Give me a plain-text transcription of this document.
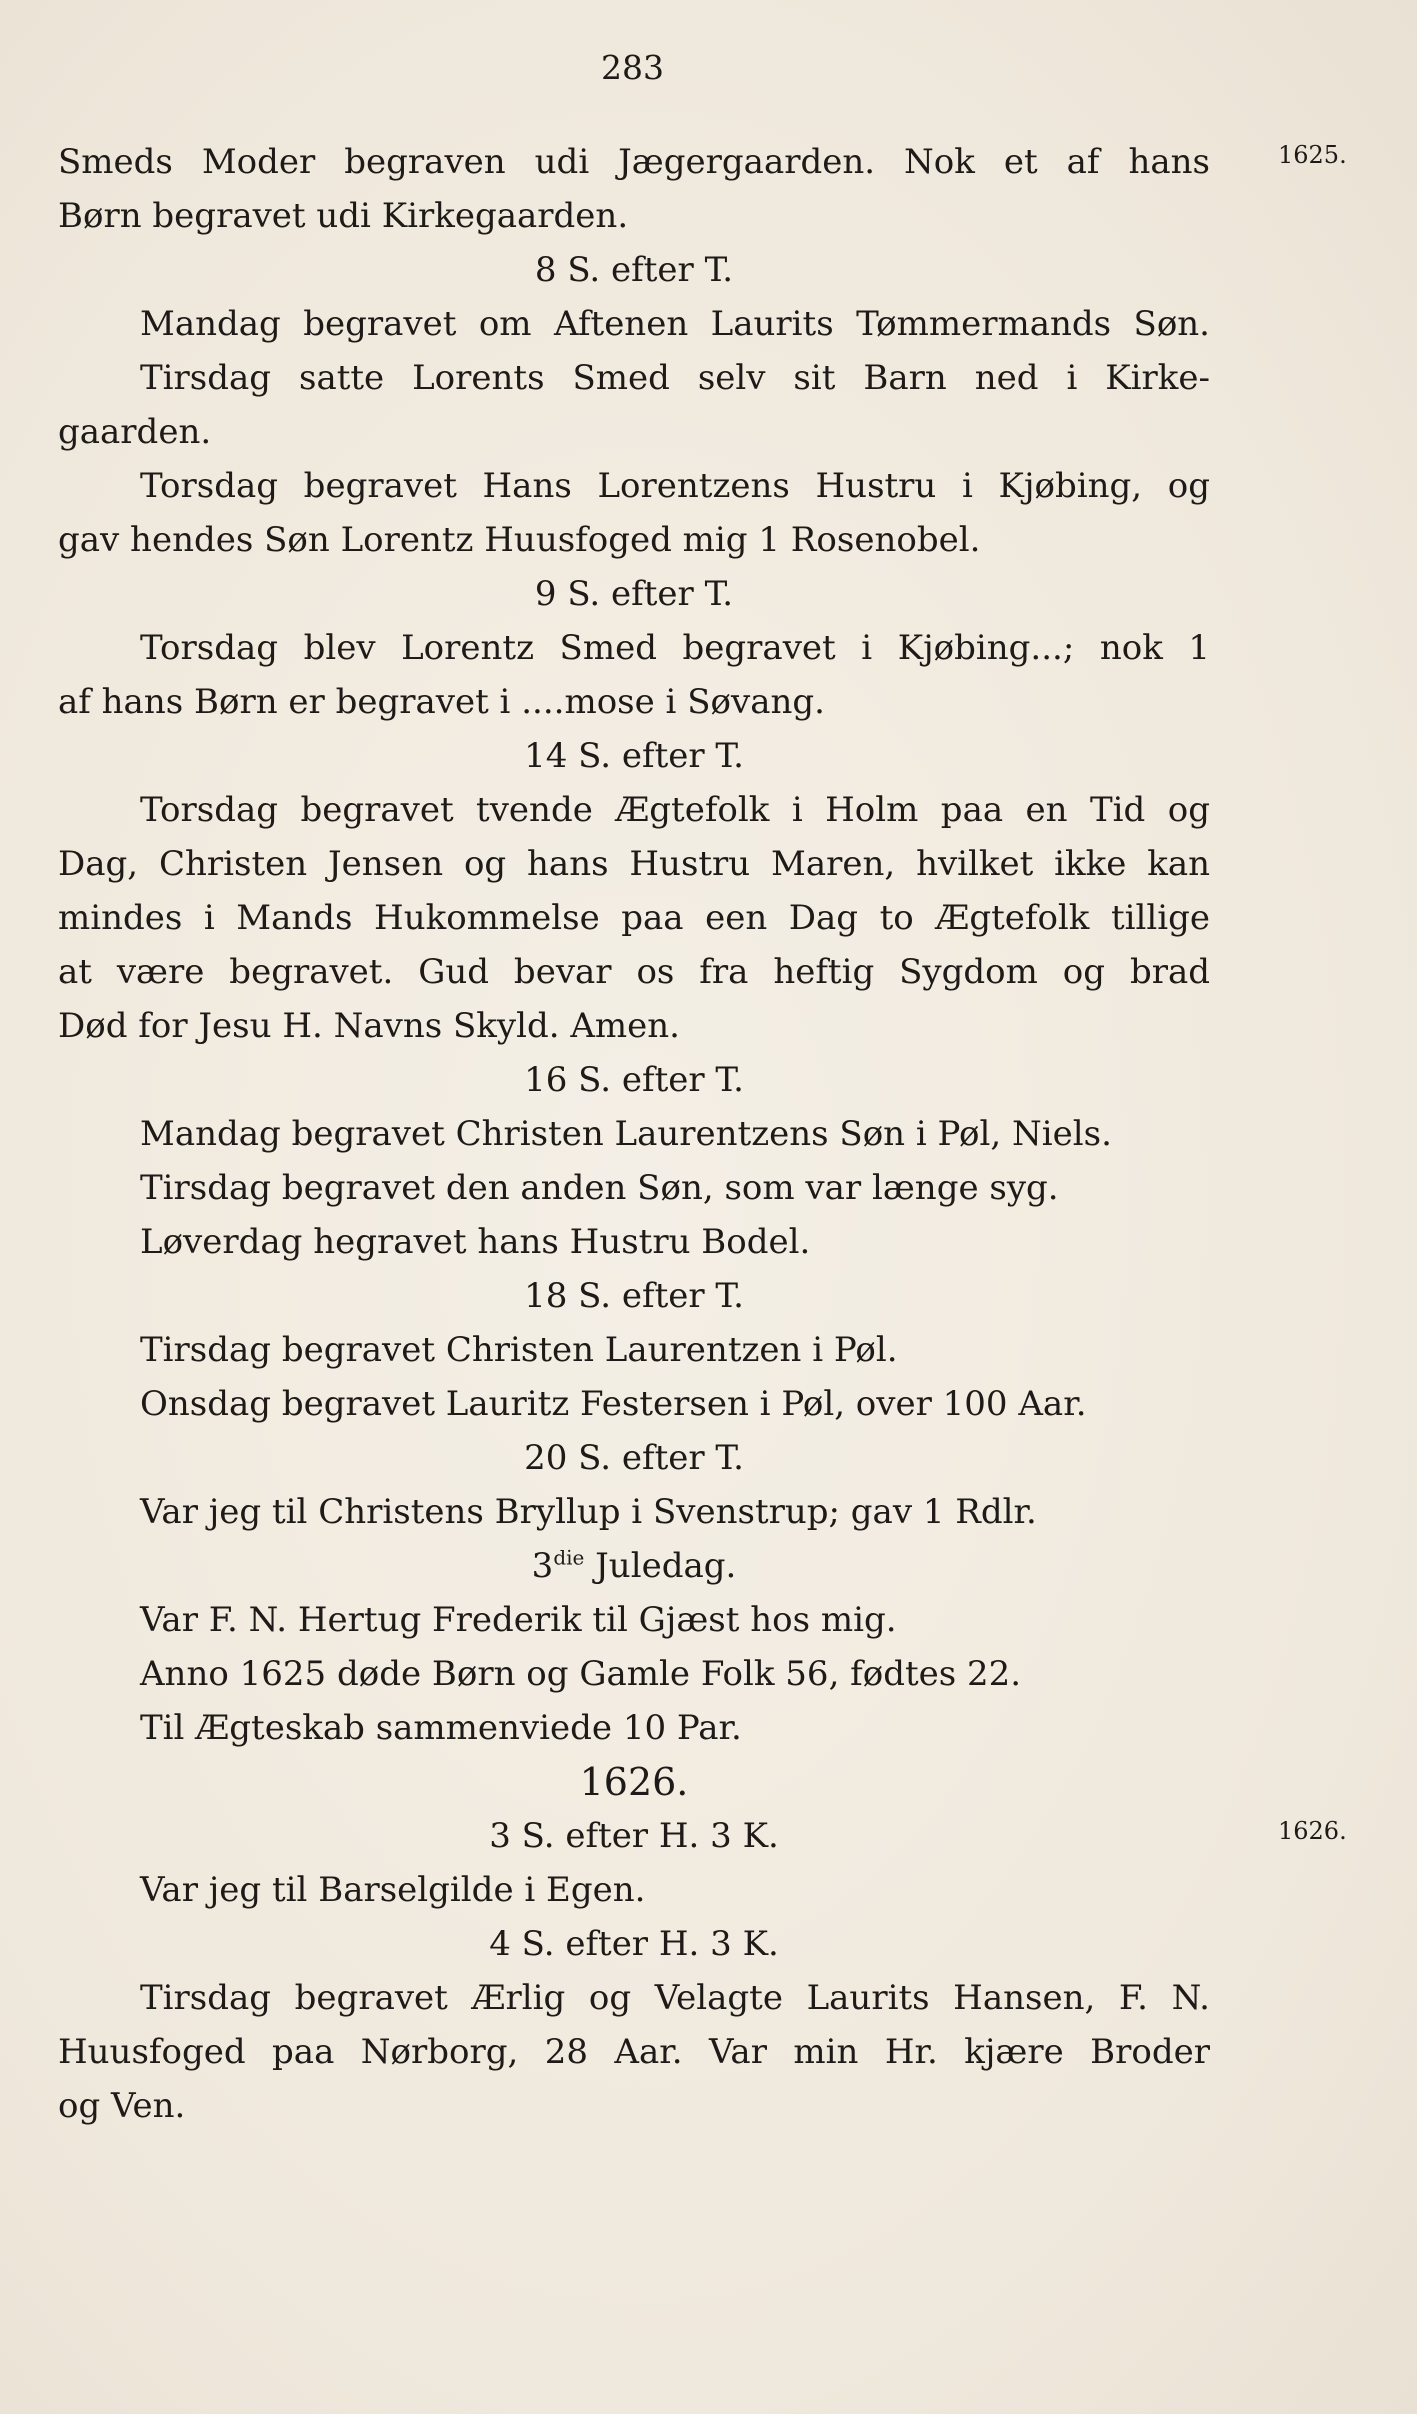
283
1625.
1626.

Smeds Moder begraven udi Jægergaarden. Nok et af hans

Børn begravet udi Kirkegaarden.

8 S. efter T.

Mandag begravet om Aftenen Laurits Tømmermands Søn.

Tirsdag satte Lorents Smed selv sit Barn ned i Kirke-

gaarden.

Torsdag begravet Hans Lorentzens Hustru i Kjøbing, og

gav hendes Søn Lorentz Huusfoged mig 1 Rosenobel.

9 S. efter T.

Torsdag blev Lorentz Smed begravet i Kjøbing...; nok 1

af hans Børn er begravet i ....mose i Søvang.

14 S. efter T.

Torsdag begravet tvende Ægtefolk i Holm paa en Tid og

Dag, Christen Jensen og hans Hustru Maren, hvilket ikke kan

mindes i Mands Hukommelse paa een Dag to Ægtefolk tillige

at være begravet. Gud bevar os fra heftig Sygdom og brad

Død for Jesu H. Navns Skyld. Amen.

16 S. efter T.

Mandag begravet Christen Laurentzens Søn i Pøl, Niels.

Tirsdag begravet den anden Søn, som var længe syg.

Løverdag hegravet hans Hustru Bodel.

18 S. efter T.

Tirsdag begravet Christen Laurentzen i Pøl.

Onsdag begravet Lauritz Festersen i Pøl, over 100 Aar.

20 S. efter T.

Var jeg til Christens Bryllup i Svenstrup; gav 1 Rdlr.

$3^{die}$ Juledag.

Var F. N. Hertug Frederik til Gjæst hos mig.

Anno 1625 døde Børn og Gamle Folk 56, fødtes 22.

Til Ægteskab sammenviede 10 Par.

1626.

3 S. efter H. 3 K.

Var jeg til Barselgilde i Egen.

4 S. efter H. 3 K.

Tirsdag begravet Ærlig og Velagte Laurits Hansen, F. N.

Huusfoged paa Nørborg, 28 Aar. Var min Hr. kjære Broder

og Ven.
